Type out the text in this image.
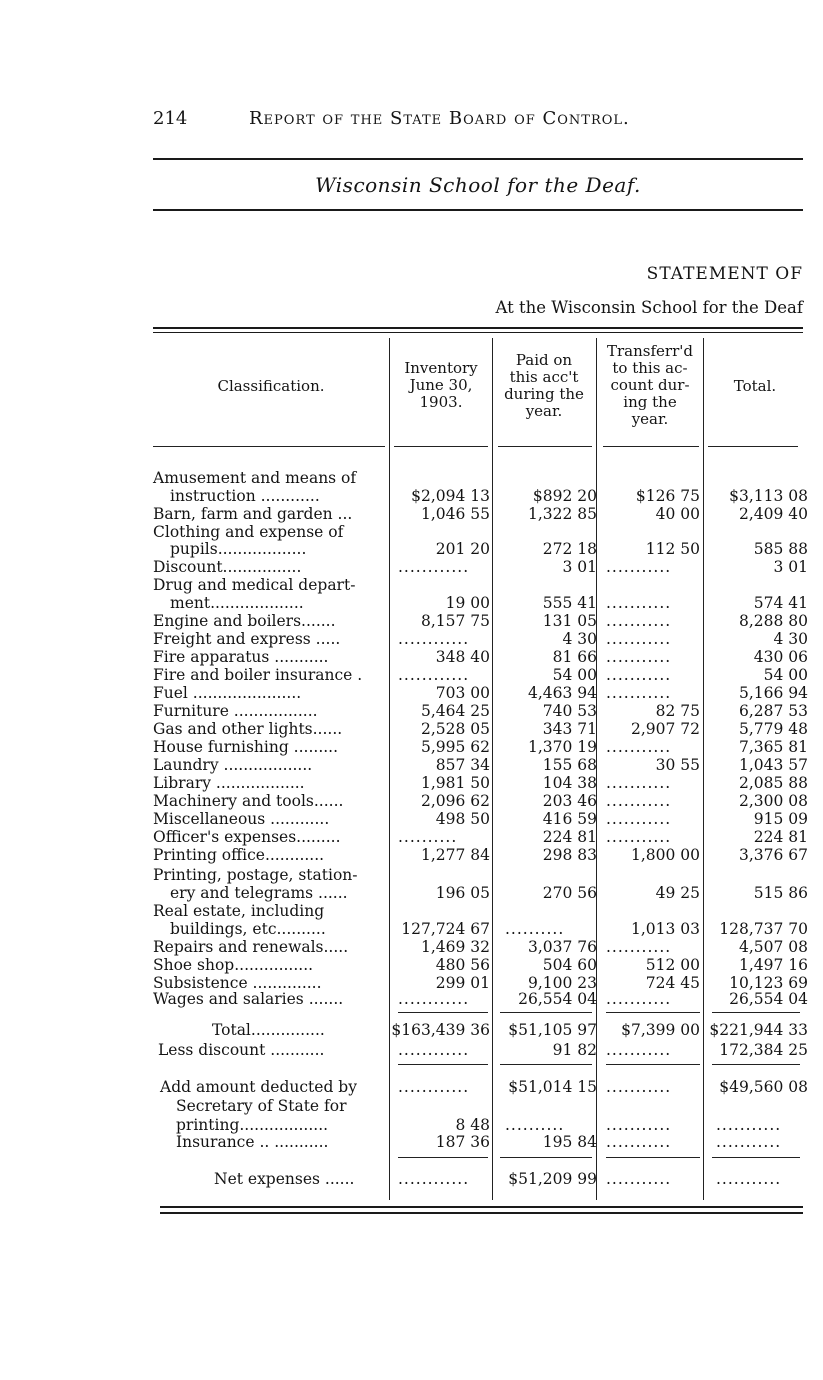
214	Report of the State Board of Control.
Wisconsin School for the Deaf.
STATEMENT OF
At the Wisconsin School for the Deaf
Classification.
Inventory
June 30,
1903.
Paid on
this acc't
during the
year.
Transferr'd
to this ac-
count dur-
ing the
year.
Total.
Amusement and means of
instruction ............	$2,094 13	$892 20	$126 75 $3,113 08
Barn, farm and garden ...	1,046 55 1,322 85	40 00	2,409 40
Clothing and expense of
pupils..................	201 20	272 18	112 50	585 88
Discount................	............	3 01 ...........	3 01
Drug and medical depart-
ment...................	19 00	555 41 ...........	574 41
Engine and boilers.......	8,157 75	131 05 ...........	8,288 80
Freight and express .....	............	4 30 ...........	4 30
Fire apparatus ...........	348 40	81 66 ...........	430 06
Fire and boiler insurance . ............	54 00 ...........	54 00
Fuel ......................	703 00 4,463 94 ...........	5,166 94
Furniture .................	5,464 25	740 53	82 75	6,287 53
Gas and other lights......	2,528 05	343 71 2,907 72	5,779 48
House furnishing .........	5,995 62 1,370 19 ...........	7,365 81
Laundry ..................	857 34	155 68	30 55	1,043 57
Library ..................	1,981 50	104 38 ...........	2,085 88
Machinery and tools......	2,096 62	203 46 ...........	2,300 08
Miscellaneous ............	498 50	416 59 ...........	915 09
Officer's expenses.........	..........	224 81 ...........	224 81
Printing office............	1,277 84	298 83 1,800 00	3,376 67
Printing, postage, station-
ery and telegrams ......	196 05	270 56	49 25	515 86
Real estate, including
buildings, etc..........	127,724 67 ..........	1,013 03 128,737 70
Repairs and renewals.....	1,469 32 3,037 76 ...........	4,507 08
Shoe shop................	480 56	504 60	512 00	1,497 16
Subsistence ..............	299 01 9,100 23	724 45 10,123 69
Wages and salaries .......	............	26,554 04 ...........	26,554 04
Total...............	$163,439 36 $51,105 97 $7,399 00 $221,944 33
Less discount ...........	............	91 82 ...........	172,384 25
Add amount deducted by	............	$51,014 15 ...........	$49,560 08
Secretary of State for
printing..................	8 48 ..........	...........	...........
Insurance .. ...........	187 36	195 84 ...........	...........
Net expenses ......	............	$51,209 99 ...........	...........
